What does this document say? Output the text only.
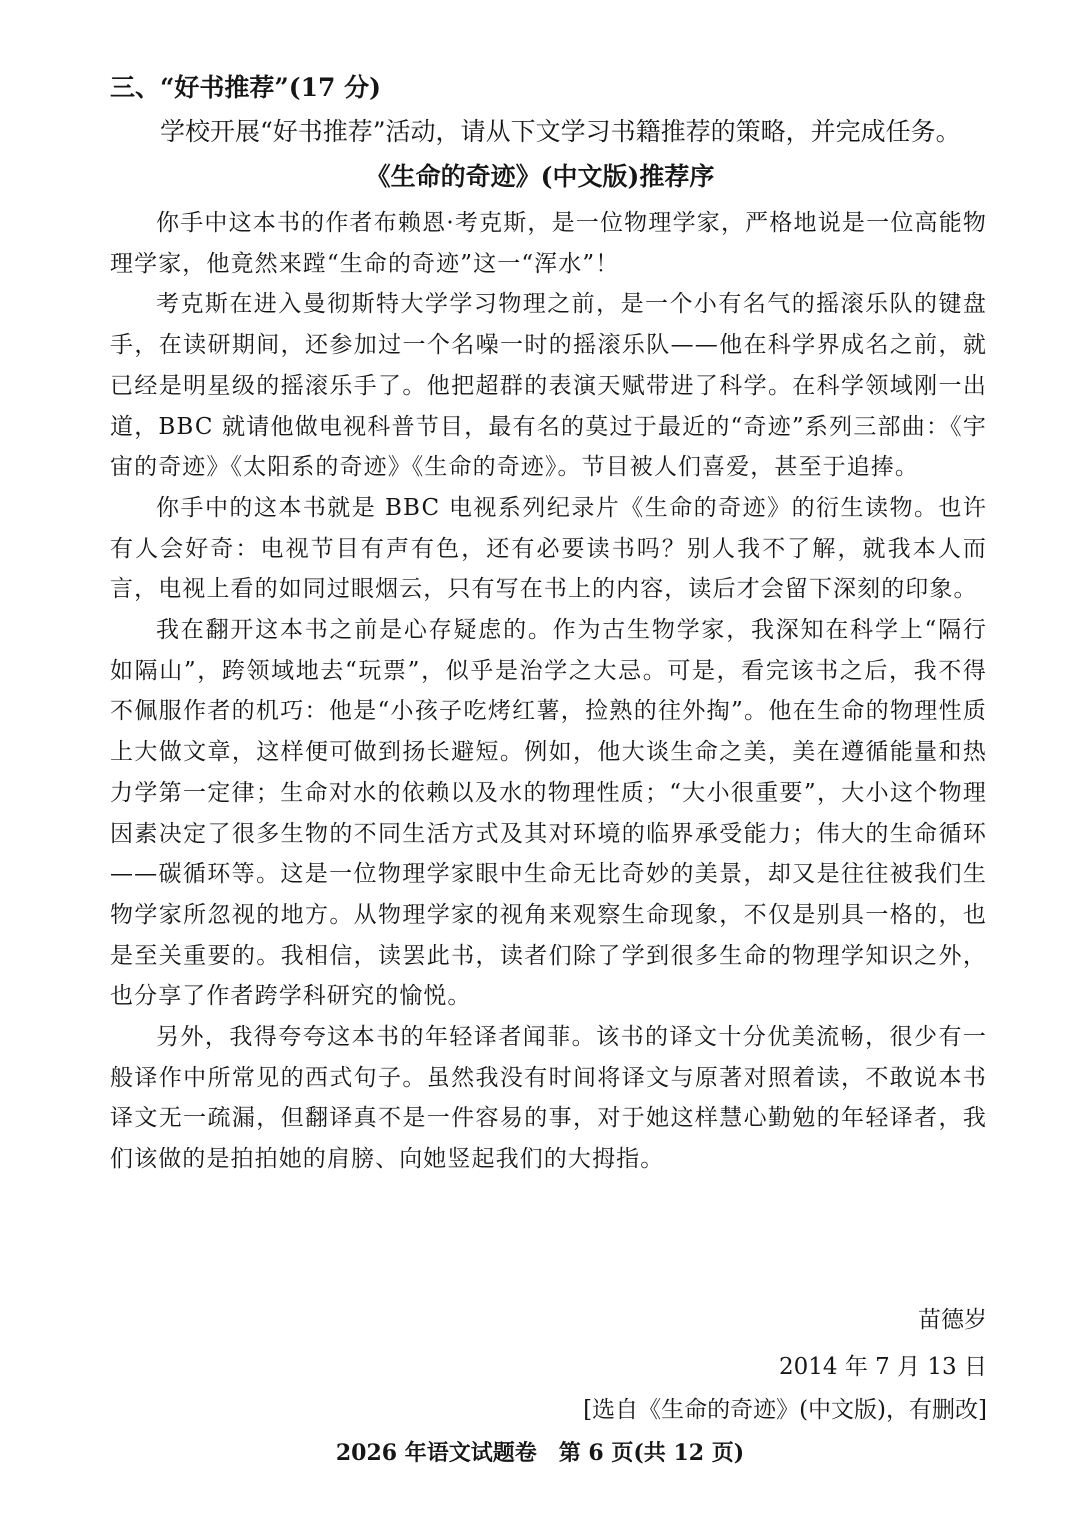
三、“好书推荐”(17 分)
学校开展“好书推荐”活动，请从下文学习书籍推荐的策略，并完成任务。
《生命的奇迹》(中文版)推荐序

你手中这本书的作者布赖恩·考克斯，是一位物理学家，严格地说是一位高能物理学家，他竟然来蹚“生命的奇迹”这一“浑水”！

考克斯在进入曼彻斯特大学学习物理之前，是一个小有名气的摇滚乐队的键盘手，在读研期间，还参加过一个名噪一时的摇滚乐队——他在科学界成名之前，就已经是明星级的摇滚乐手了。他把超群的表演天赋带进了科学。在科学领域刚一出道，BBC 就请他做电视科普节目，最有名的莫过于最近的“奇迹”系列三部曲：《宇宙的奇迹》《太阳系的奇迹》《生命的奇迹》。节目被人们喜爱，甚至于追捧。

你手中的这本书就是 BBC 电视系列纪录片《生命的奇迹》的衍生读物。也许有人会好奇：电视节目有声有色，还有必要读书吗？别人我不了解，就我本人而言，电视上看的如同过眼烟云，只有写在书上的内容，读后才会留下深刻的印象。

我在翻开这本书之前是心存疑虑的。作为古生物学家，我深知在科学上“隔行如隔山”，跨领域地去“玩票”，似乎是治学之大忌。可是，看完该书之后，我不得不佩服作者的机巧：他是“小孩子吃烤红薯，捡熟的往外掏”。他在生命的物理性质上大做文章，这样便可做到扬长避短。例如，他大谈生命之美，美在遵循能量和热力学第一定律；生命对水的依赖以及水的物理性质；“大小很重要”，大小这个物理因素决定了很多生物的不同生活方式及其对环境的临界承受能力；伟大的生命循环——碳循环等。这是一位物理学家眼中生命无比奇妙的美景，却又是往往被我们生物学家所忽视的地方。从物理学家的视角来观察生命现象，不仅是别具一格的，也是至关重要的。我相信，读罢此书，读者们除了学到很多生命的物理学知识之外，也分享了作者跨学科研究的愉悦。

另外，我得夸夸这本书的年轻译者闻菲。该书的译文十分优美流畅，很少有一般译作中所常见的西式句子。虽然我没有时间将译文与原著对照着读，不敢说本书译文无一疏漏，但翻译真不是一件容易的事，对于她这样慧心勤勉的年轻译者，我们该做的是拍拍她的肩膀、向她竖起我们的大拇指。

苗德岁
2014 年 7 月 13 日
[选自《生命的奇迹》(中文版)，有删改]
2026 年语文试题卷　第 6 页(共 12 页)
